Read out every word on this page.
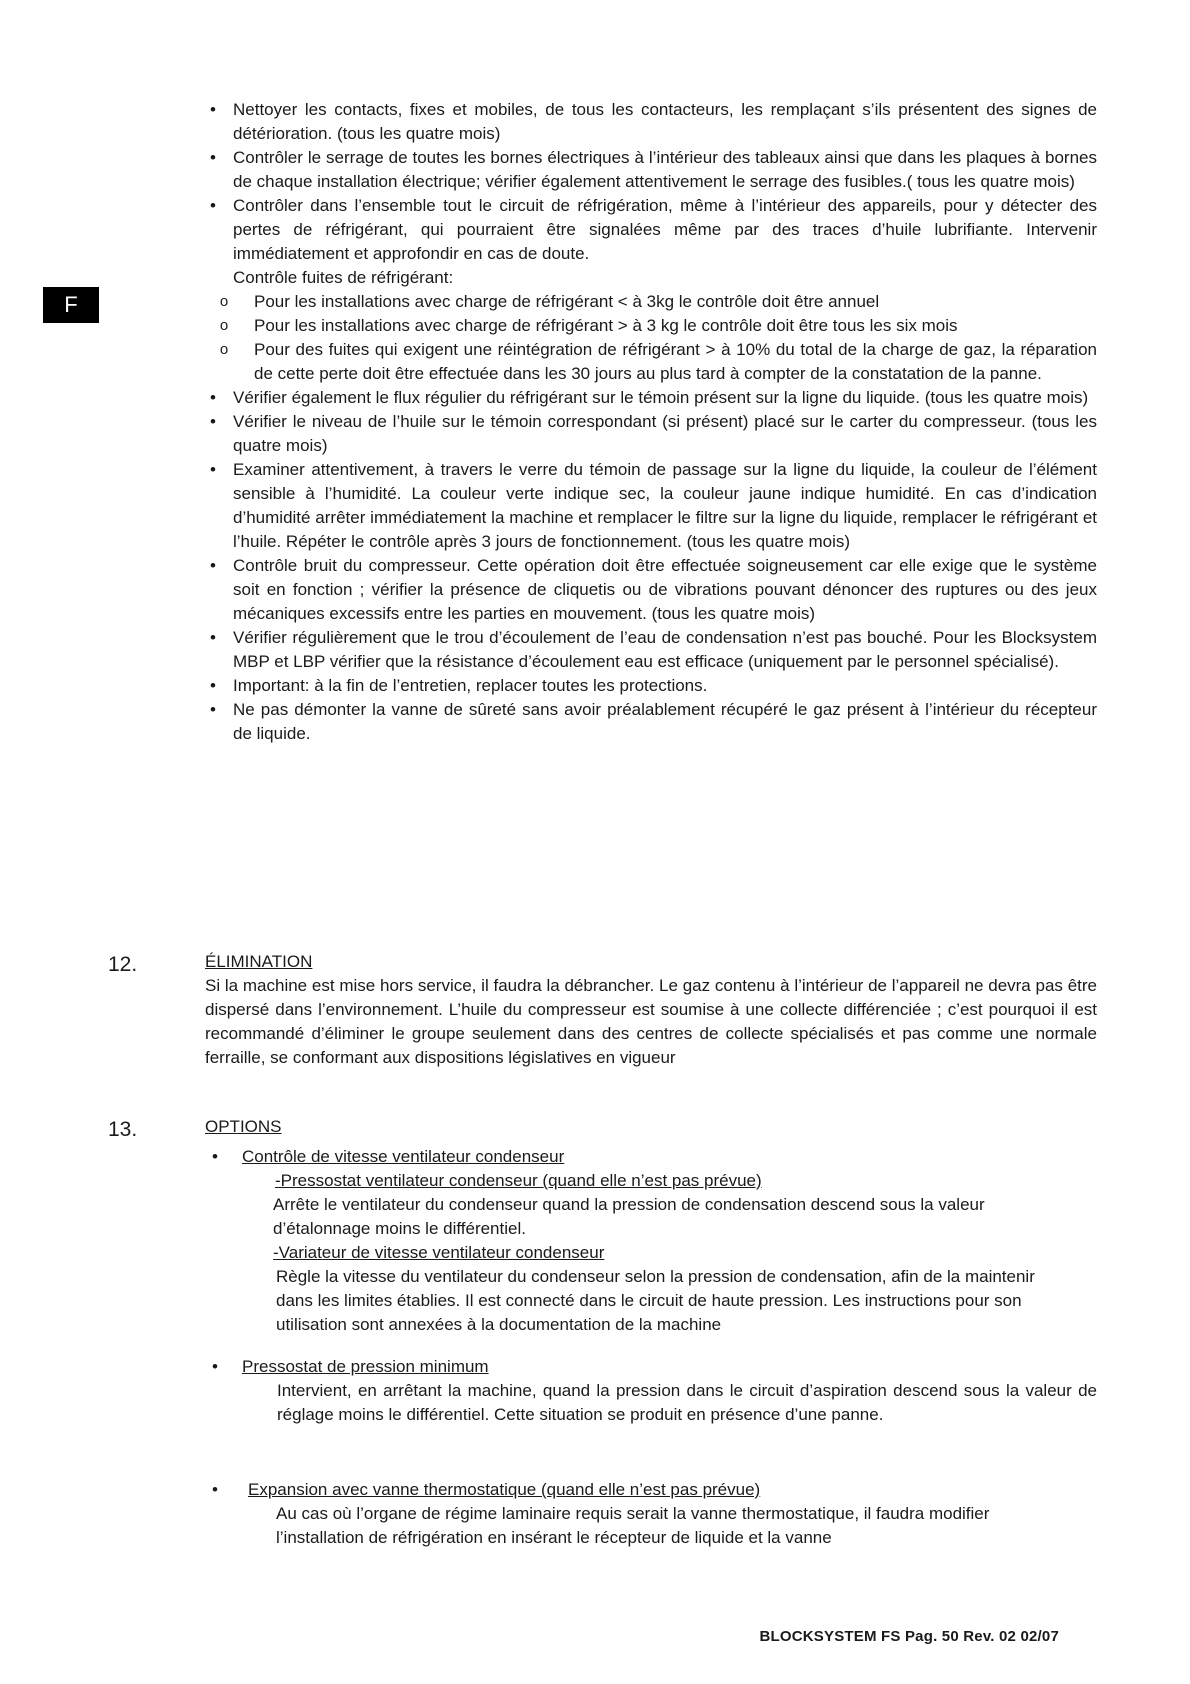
F
• Nettoyer les contacts, fixes et mobiles, de tous les contacteurs, les remplaçant s’ils présentent des signes de détérioration. (tous les quatre mois)
• Contrôler le serrage de toutes les bornes électriques à l’intérieur des tableaux ainsi que dans les plaques à bornes de chaque installation électrique; vérifier également attentivement le serrage des fusibles.( tous les quatre mois)
• Contrôler dans l’ensemble tout le circuit de réfrigération, même à l’intérieur des appareils, pour y détecter des pertes de réfrigérant, qui pourraient être signalées même par des traces d’huile lubrifiante. Intervenir immédiatement et approfondir en cas de doute.
Contrôle fuites de réfrigérant:
o Pour les installations avec charge de réfrigérant < à 3kg le contrôle doit être annuel
o Pour les installations avec charge de réfrigérant > à 3 kg le contrôle doit être tous les six mois
o Pour des fuites qui exigent une réintégration de réfrigérant > à 10% du total de la charge de gaz, la réparation de cette perte doit être effectuée dans les 30 jours au plus tard à compter de la constatation de la panne.
• Vérifier également le flux régulier du réfrigérant sur le témoin présent sur la ligne du liquide. (tous les quatre mois)
• Vérifier le niveau de l’huile sur le témoin correspondant (si présent) placé sur le carter du compresseur. (tous les quatre mois)
• Examiner attentivement, à travers le verre du témoin de passage sur la ligne du liquide, la couleur de l’élément sensible à l’humidité. La couleur verte indique sec, la couleur jaune indique humidité. En cas d’indication d’humidité arrêter immédiatement la machine et remplacer le filtre sur la ligne du liquide, remplacer le réfrigérant et l’huile. Répéter le contrôle après 3 jours de fonctionnement. (tous les quatre mois)
• Contrôle bruit du compresseur. Cette opération doit être effectuée soigneusement car elle exige que le système soit en fonction ; vérifier la présence de cliquetis ou de vibrations pouvant dénoncer des ruptures ou des jeux mécaniques excessifs entre les parties en mouvement. (tous les quatre mois)
• Vérifier régulièrement que le trou d’écoulement de l’eau de condensation n’est pas bouché. Pour les Blocksystem MBP et LBP vérifier que la résistance d’écoulement eau est efficace (uniquement par le personnel spécialisé).
• Important: à la fin de l’entretien, replacer toutes les protections.
• Ne pas démonter la vanne de sûreté sans avoir préalablement récupéré le gaz présent à l’intérieur du récepteur de liquide.
12.	ÉLIMINATION
Si la machine est mise hors service, il faudra la débrancher. Le gaz contenu à l’intérieur de l’appareil ne devra pas être dispersé dans l’environnement. L’huile du compresseur est soumise à une collecte différenciée ; c’est pourquoi il est recommandé d’éliminer le groupe seulement dans des centres de collecte spécialisés et pas comme une normale ferraille, se conformant aux dispositions législatives en vigueur
13.	OPTIONS
• Contrôle de vitesse ventilateur condenseur
-Pressostat ventilateur condenseur (quand elle n’est pas prévue)
Arrête le ventilateur du condenseur quand la pression de condensation descend sous la valeur d’étalonnage moins le différentiel.
-Variateur de vitesse ventilateur condenseur
Règle la vitesse du ventilateur du condenseur selon la pression de condensation, afin de la maintenir dans les limites établies. Il est connecté dans le circuit de haute pression. Les instructions pour son utilisation sont annexées à la documentation de la machine
• Pressostat de pression minimum
Intervient, en arrêtant la machine, quand la pression dans le circuit d’aspiration descend sous la valeur de réglage moins le différentiel. Cette situation se produit en présence d’une panne.
• Expansion avec vanne thermostatique (quand elle n’est pas prévue)
Au cas où l’organe de régime laminaire requis serait la vanne thermostatique, il faudra modifier l’installation de réfrigération en insérant le récepteur de liquide et la vanne
BLOCKSYSTEM FS Pag. 50 Rev. 02 02/07
